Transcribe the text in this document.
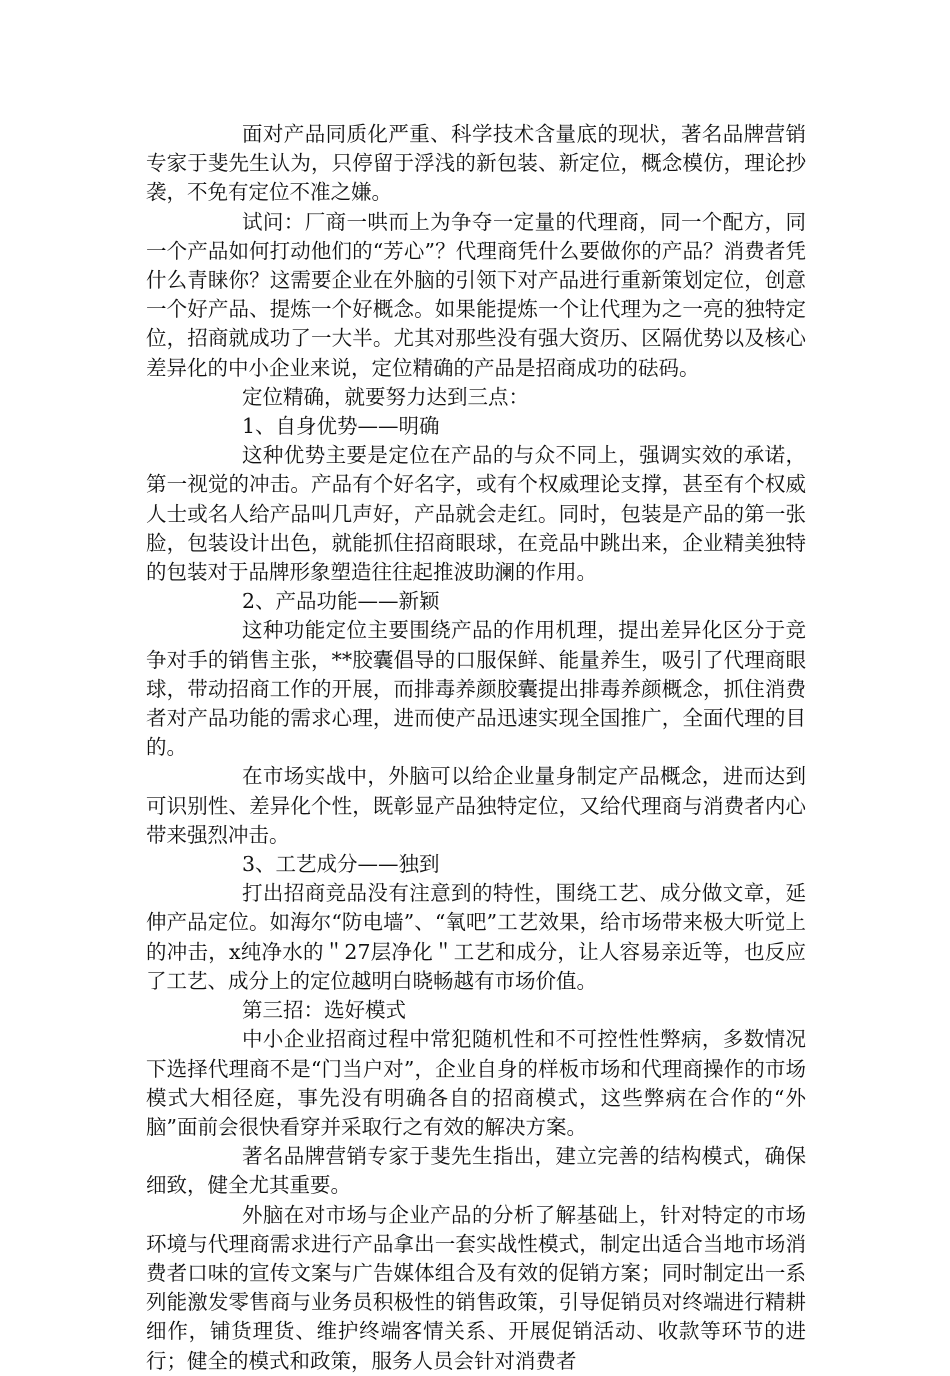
面对产品同质化严重、科学技术含量底的现状，著名品牌营销专家于斐先生认为，只停留于浮浅的新包装、新定位，概念模仿，理论抄袭，不免有定位不准之嫌。

试问：厂商一哄而上为争夺一定量的代理商，同一个配方，同一个产品如何打动他们的“芳心”？代理商凭什么要做你的产品？消费者凭什么青睐你？这需要企业在外脑的引领下对产品进行重新策划定位，创意一个好产品、提炼一个好概念。如果能提炼一个让代理为之一亮的独特定位，招商就成功了一大半。尤其对那些没有强大资历、区隔优势以及核心差异化的中小企业来说，定位精确的产品是招商成功的砝码。

定位精确，就要努力达到三点：

1、自身优势——明确

这种优势主要是定位在产品的与众不同上，强调实效的承诺，第一视觉的冲击。产品有个好名字，或有个权威理论支撑，甚至有个权威人士或名人给产品叫几声好，产品就会走红。同时，包装是产品的第一张脸，包装设计出色，就能抓住招商眼球，在竞品中跳出来，企业精美独特的包装对于品牌形象塑造往往起推波助澜的作用。

2、产品功能——新颖

这种功能定位主要围绕产品的作用机理，提出差异化区分于竞争对手的销售主张，**胶囊倡导的口服保鲜、能量养生，吸引了代理商眼球，带动招商工作的开展，而排毒养颜胶囊提出排毒养颜概念，抓住消费者对产品功能的需求心理，进而使产品迅速实现全国推广，全面代理的目的。

在市场实战中，外脑可以给企业量身制定产品概念，进而达到可识别性、差异化个性，既彰显产品独特定位，又给代理商与消费者内心带来强烈冲击。

3、工艺成分——独到

打出招商竞品没有注意到的特性，围绕工艺、成分做文章，延伸产品定位。如海尔“防电墙”、“氧吧”工艺效果，给市场带来极大听觉上的冲击，x纯净水的＂27层净化＂工艺和成分，让人容易亲近等，也反应了工艺、成分上的定位越明白晓畅越有市场价值。

第三招：选好模式

中小企业招商过程中常犯随机性和不可控性性弊病，多数情况下选择代理商不是“门当户对”，企业自身的样板市场和代理商操作的市场模式大相径庭，事先没有明确各自的招商模式，这些弊病在合作的“外脑”面前会很快看穿并采取行之有效的解决方案。

著名品牌营销专家于斐先生指出，建立完善的结构模式，确保细致，健全尤其重要。

外脑在对市场与企业产品的分析了解基础上，针对特定的市场环境与代理商需求进行产品拿出一套实战性模式，制定出适合当地市场消费者口味的宣传文案与广告媒体组合及有效的促销方案；同时制定出一系列能激发零售商与业务员积极性的销售政策，引导促销员对终端进行精耕细作，铺货理货、维护终端客情关系、开展促销活动、收款等环节的进行；健全的模式和政策，服务人员会针对消费者
